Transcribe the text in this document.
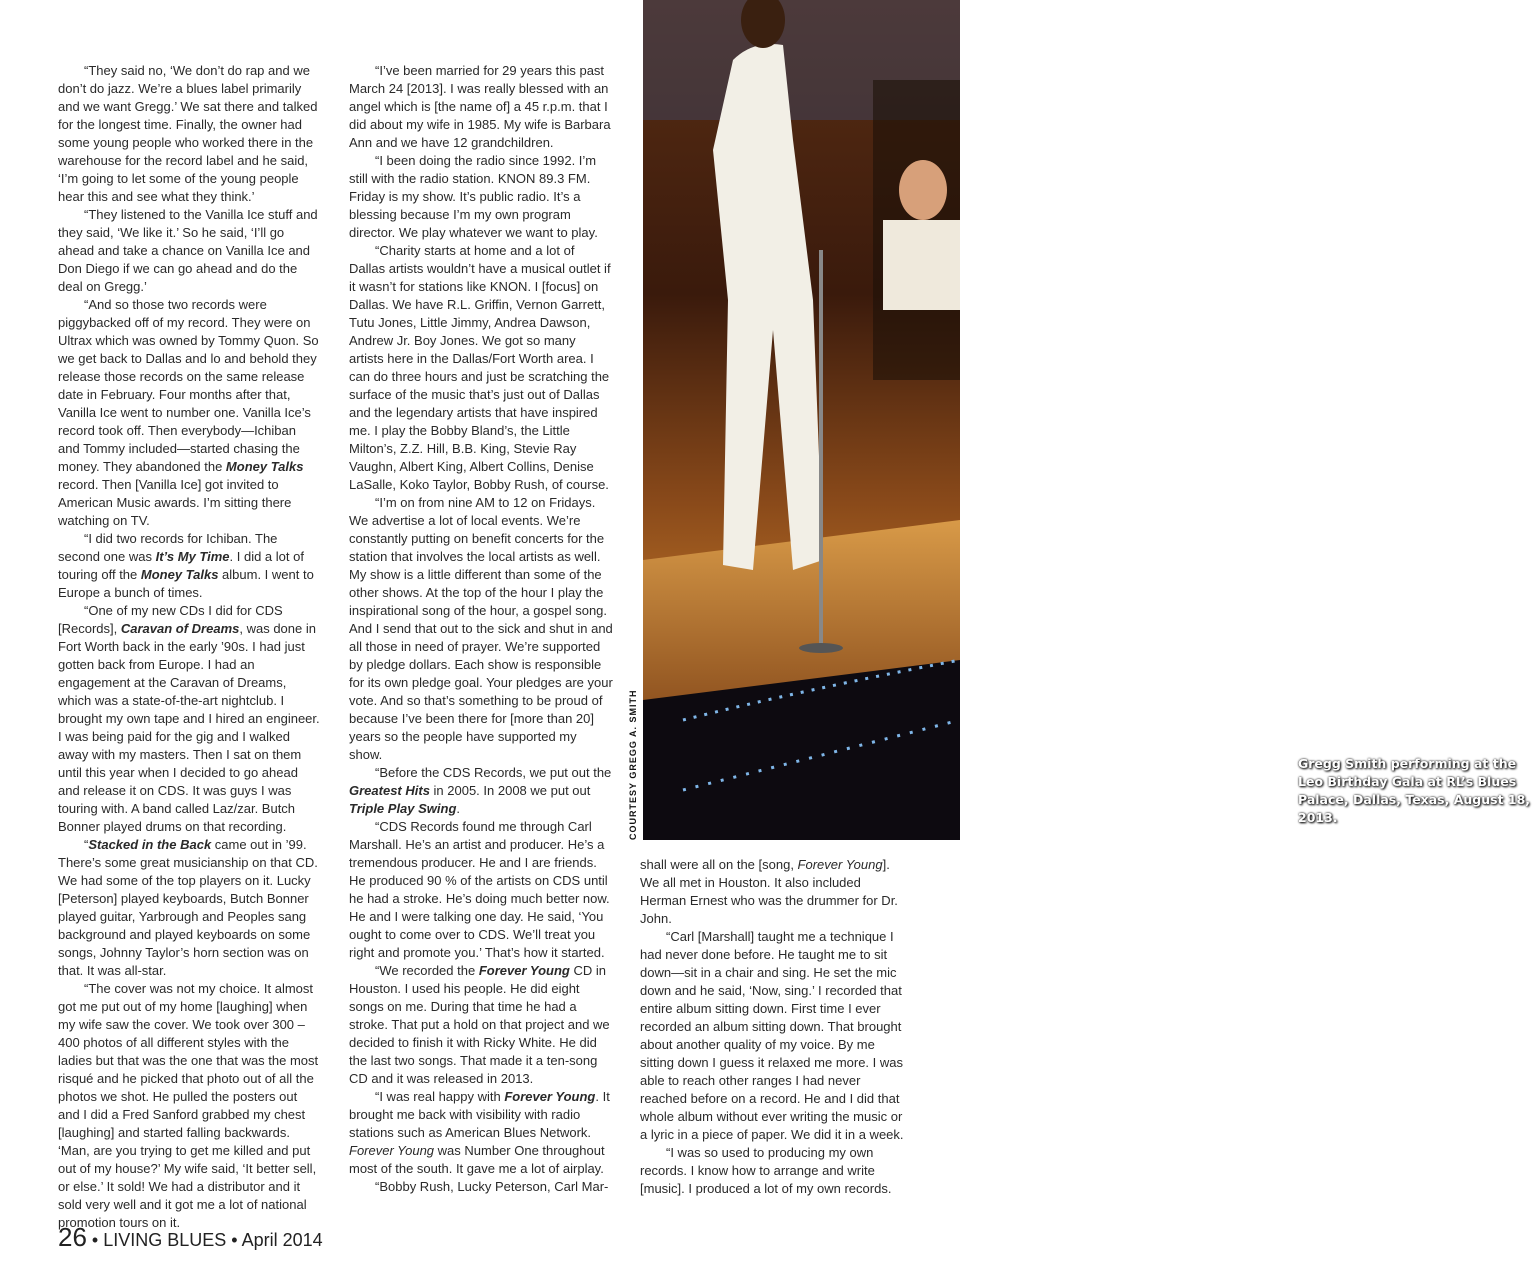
“They said no, ‘We don’t do rap and we don’t do jazz. We’re a blues label primarily and we want Gregg.’ We sat there and talked for the longest time. Finally, the owner had some young people who worked there in the warehouse for the record label and he said, ‘I’m going to let some of the young people hear this and see what they think.’

“They listened to the Vanilla Ice stuff and they said, ‘We like it.’ So he said, ‘I’ll go ahead and take a chance on Vanilla Ice and Don Diego if we can go ahead and do the deal on Gregg.’

“And so those two records were piggybacked off of my record. They were on Ultrax which was owned by Tommy Quon. So we get back to Dallas and lo and behold they release those records on the same release date in February. Four months after that, Vanilla Ice went to number one. Vanilla Ice’s record took off. Then everybody—Ichiban and Tommy included—started chasing the money. They abandoned the Money Talks record. Then [Vanilla Ice] got invited to American Music awards. I’m sitting there watching on TV.

“I did two records for Ichiban. The second one was It’s My Time. I did a lot of touring off the Money Talks album. I went to Europe a bunch of times.

“One of my new CDs I did for CDS [Records], Caravan of Dreams, was done in Fort Worth back in the early ’90s. I had just gotten back from Europe. I had an engagement at the Caravan of Dreams, which was a state-of-the-art nightclub. I brought my own tape and I hired an engineer. I was being paid for the gig and I walked away with my masters. Then I sat on them until this year when I decided to go ahead and release it on CDS. It was guys I was touring with. A band called Laz/zar. Butch Bonner played drums on that recording.

“Stacked in the Back came out in ’99. There’s some great musicianship on that CD. We had some of the top players on it. Lucky [Peterson] played keyboards, Butch Bonner played guitar, Yarbrough and Peoples sang background and played keyboards on some songs, Johnny Taylor’s horn section was on that. It was all-star.

“The cover was not my choice. It almost got me put out of my home [laughing] when my wife saw the cover. We took over 300 – 400 photos of all different styles with the ladies but that was the one that was the most risqué and he picked that photo out of all the photos we shot. He pulled the posters out and I did a Fred Sanford grabbed my chest [laughing] and started falling backwards. ‘Man, are you trying to get me killed and put out of my house?’ My wife said, ‘It better sell, or else.’ It sold! We had a distributor and it sold very well and it got me a lot of national promotion tours on it.

“I’ve been married for 29 years this past March 24 [2013]. I was really blessed with an angel which is [the name of] a 45 r.p.m. that I did about my wife in 1985. My wife is Barbara Ann and we have 12 grandchildren.

“I been doing the radio since 1992. I’m still with the radio station. KNON 89.3 FM. Friday is my show. It’s public radio. It’s a blessing because I’m my own program director. We play whatever we want to play.

“Charity starts at home and a lot of Dallas artists wouldn’t have a musical outlet if it wasn’t for stations like KNON. I [focus] on Dallas. We have R.L. Griffin, Vernon Garrett, Tutu Jones, Little Jimmy, Andrea Dawson, Andrew Jr. Boy Jones. We got so many artists here in the Dallas/Fort Worth area. I can do three hours and just be scratching the surface of the music that’s just out of Dallas and the legendary artists that have inspired me. I play the Bobby Bland’s, the Little Milton’s, Z.Z. Hill, B.B. King, Stevie Ray Vaughn, Albert King, Albert Collins, Denise LaSalle, Koko Taylor, Bobby Rush, of course.

“I’m on from nine AM to 12 on Fridays. We advertise a lot of local events. We’re constantly putting on benefit concerts for the station that involves the local artists as well. My show is a little different than some of the other shows. At the top of the hour I play the inspirational song of the hour, a gospel song. And I send that out to the sick and shut in and all those in need of prayer. We’re supported by pledge dollars. Each show is responsible for its own pledge goal. Your pledges are your vote. And so that’s something to be proud of because I’ve been there for [more than 20] years so the people have supported my show.

“Before the CDS Records, we put out the Greatest Hits in 2005. In 2008 we put out Triple Play Swing.

“CDS Records found me through Carl Marshall. He’s an artist and producer. He’s a tremendous producer. He and I are friends. He produced 90 % of the artists on CDS until he had a stroke. He’s doing much better now. He and I were talking one day. He said, ‘You ought to come over to CDS. We’ll treat you right and promote you.’ That’s how it started.

“We recorded the Forever Young CD in Houston. I used his people. He did eight songs on me. During that time he had a stroke. That put a hold on that project and we decided to finish it with Ricky White. He did the last two songs. That made it a ten-song CD and it was released in 2013.

“I was real happy with Forever Young. It brought me back with visibility with radio stations such as American Blues Network. Forever Young was Number One throughout most of the south. It gave me a lot of airplay.

“Bobby Rush, Lucky Peterson, Carl Mar-

Gregg Smith performing at the Leo Birthday Gala at RL’s Blues Palace, Dallas, Texas, August 18, 2013.
COURTESY GREGG A. SMITH

shall were all on the [song, Forever Young]. We all met in Houston. It also included Herman Ernest who was the drummer for Dr. John.

“Carl [Marshall] taught me a technique I had never done before. He taught me to sit down—sit in a chair and sing. He set the mic down and he said, ‘Now, sing.’ I recorded that entire album sitting down. First time I ever recorded an album sitting down. That brought about another quality of my voice. By me sitting down I guess it relaxed me more. I was able to reach other ranges I had never reached before on a record. He and I did that whole album without ever writing the music or a lyric in a piece of paper. We did it in a week.

“I was so used to producing my own records. I know how to arrange and write [music]. I produced a lot of my own records.

26 • LIVING BLUES • April 2014
